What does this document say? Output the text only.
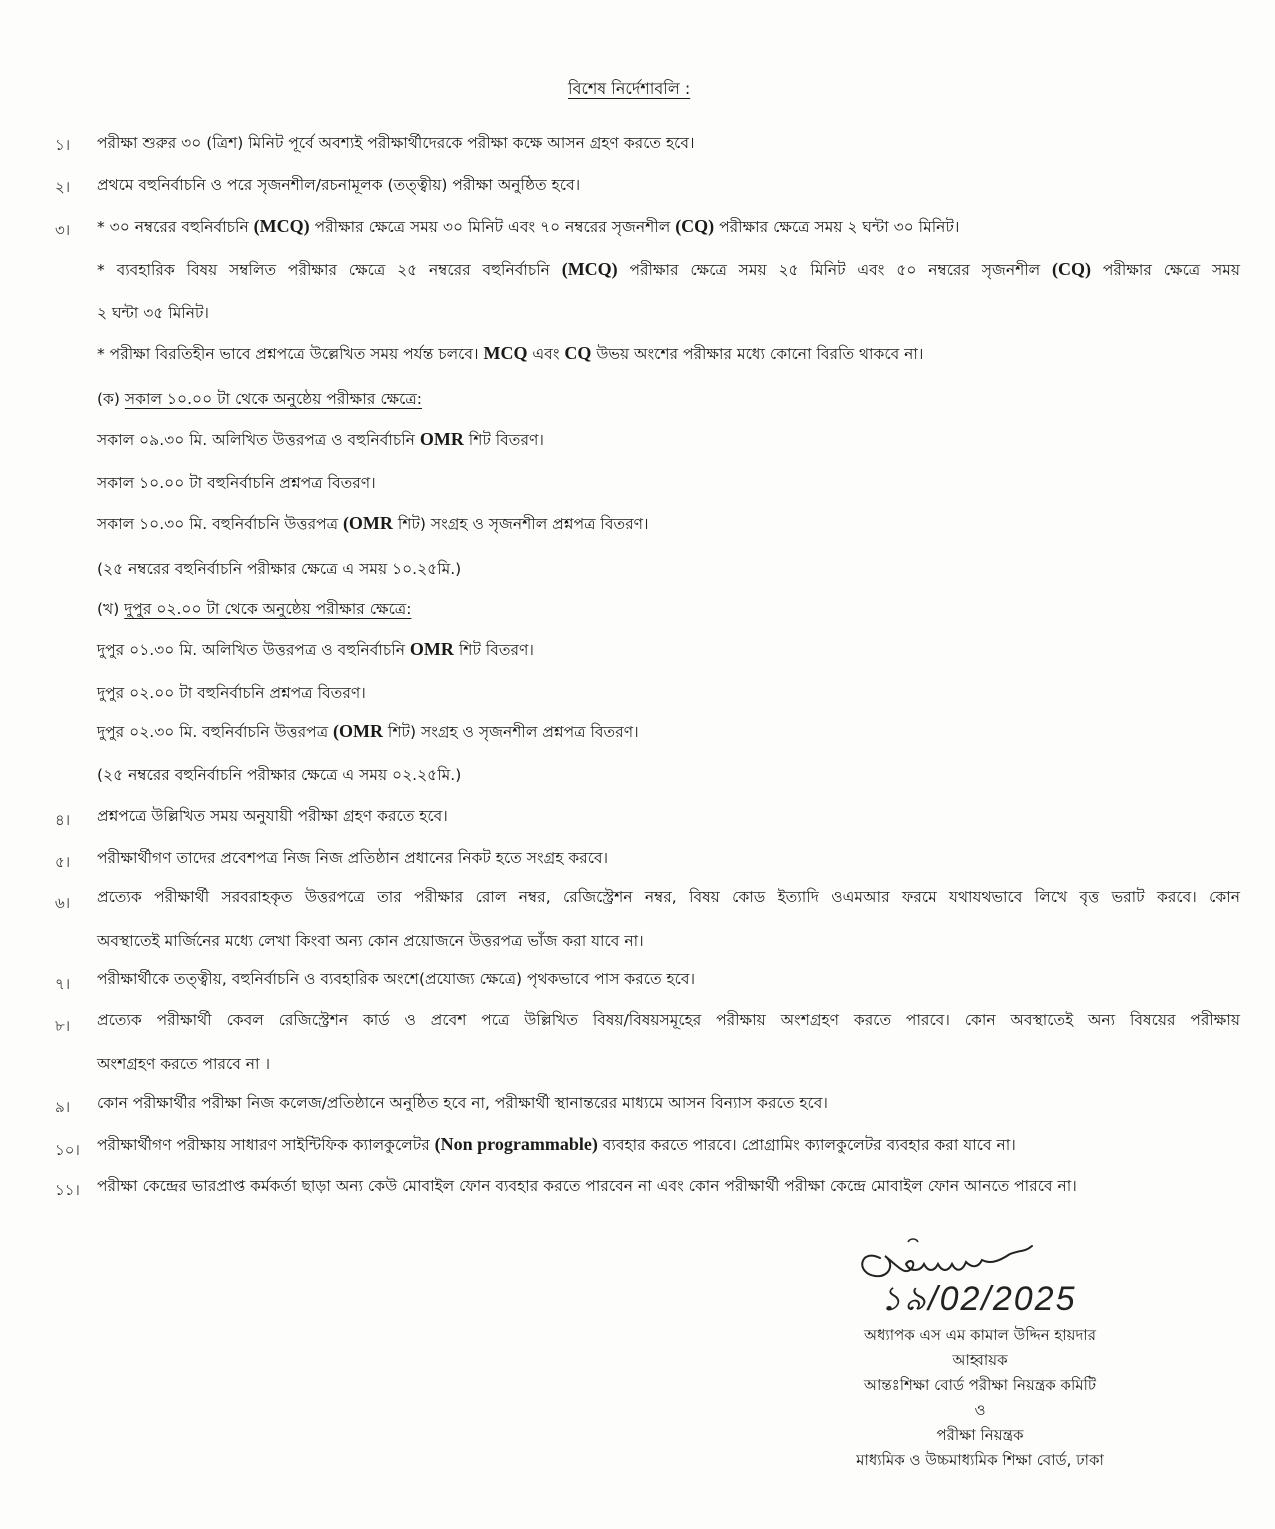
বিশেষ নির্দেশাবলি :
১। পরীক্ষা শুরুর ৩০ (ত্রিশ) মিনিট পূর্বে অবশ্যই পরীক্ষার্থীদেরকে পরীক্ষা কক্ষে আসন গ্রহণ করতে হবে।
২। প্রথমে বহুনির্বাচনি ও পরে সৃজনশীল/রচনামূলক (তত্ত্বীয়) পরীক্ষা অনুষ্ঠিত হবে।
৩। * ৩০ নম্বরের বহুনির্বাচনি (MCQ) পরীক্ষার ক্ষেত্রে সময় ৩০ মিনিট এবং ৭০ নম্বরের সৃজনশীল (CQ) পরীক্ষার ক্ষেত্রে সময় ২ ঘন্টা ৩০ মিনিট।
* ব্যবহারিক বিষয় সম্বলিত পরীক্ষার ক্ষেত্রে ২৫ নম্বরের বহুনির্বাচনি (MCQ) পরীক্ষার ক্ষেত্রে সময় ২৫ মিনিট এবং ৫০ নম্বরের সৃজনশীল (CQ) পরীক্ষার ক্ষেত্রে সময়
২ ঘন্টা ৩৫ মিনিট।
* পরীক্ষা বিরতিহীন ভাবে প্রশ্নপত্রে উল্লেখিত সময় পর্যন্ত চলবে। MCQ এবং CQ উভয় অংশের পরীক্ষার মধ্যে কোনো বিরতি থাকবে না।
(ক) সকাল ১০.০০ টা থেকে অনুষ্ঠেয় পরীক্ষার ক্ষেত্রে:
সকাল ০৯.৩০ মি. অলিখিত উত্তরপত্র ও বহুনির্বাচনি OMR শিট বিতরণ।
সকাল ১০.০০ টা বহুনির্বাচনি প্রশ্নপত্র বিতরণ।
সকাল ১০.৩০ মি. বহুনির্বাচনি উত্তরপত্র (OMR শিট) সংগ্রহ ও সৃজনশীল প্রশ্নপত্র বিতরণ।
(২৫ নম্বরের বহুনির্বাচনি পরীক্ষার ক্ষেত্রে এ সময় ১০.২৫মি.)
(খ) দুপুর ০২.০০ টা থেকে অনুষ্ঠেয় পরীক্ষার ক্ষেত্রে:
দুপুর ০১.৩০ মি. অলিখিত উত্তরপত্র ও বহুনির্বাচনি OMR শিট বিতরণ।
দুপুর ০২.০০ টা বহুনির্বাচনি প্রশ্নপত্র বিতরণ।
দুপুর ০২.৩০ মি. বহুনির্বাচনি উত্তরপত্র (OMR শিট) সংগ্রহ ও সৃজনশীল প্রশ্নপত্র বিতরণ।
(২৫ নম্বরের বহুনির্বাচনি পরীক্ষার ক্ষেত্রে এ সময় ০২.২৫মি.)
৪। প্রশ্নপত্রে উল্লিখিত সময় অনুযায়ী পরীক্ষা গ্রহণ করতে হবে।
৫। পরীক্ষার্থীগণ তাদের প্রবেশপত্র নিজ নিজ প্রতিষ্ঠান প্রধানের নিকট হতে সংগ্রহ করবে।
৬। প্রত্যেক পরীক্ষার্থী সরবরাহকৃত উত্তরপত্রে তার পরীক্ষার রোল নম্বর, রেজিস্ট্রেশন নম্বর, বিষয় কোড ইত্যাদি ওএমআর ফরমে যথাযথভাবে লিখে বৃত্ত ভরাট করবে। কোন
অবস্থাতেই মার্জিনের মধ্যে লেখা কিংবা অন্য কোন প্রয়োজনে উত্তরপত্র ভাঁজ করা যাবে না।
৭। পরীক্ষার্থীকে তত্ত্বীয়, বহুনির্বাচনি ও ব্যবহারিক অংশে(প্রযোজ্য ক্ষেত্রে) পৃথকভাবে পাস করতে হবে।
৮। প্রত্যেক পরীক্ষার্থী কেবল রেজিস্ট্রেশন কার্ড ও প্রবেশ পত্রে উল্লিখিত বিষয়/বিষয়সমূহের পরীক্ষায় অংশগ্রহণ করতে পারবে। কোন অবস্থাতেই অন্য বিষয়ের পরীক্ষায়
অংশগ্রহণ করতে পারবে না ।
৯। কোন পরীক্ষার্থীর পরীক্ষা নিজ কলেজ/প্রতিষ্ঠানে অনুষ্ঠিত হবে না, পরীক্ষার্থী স্থানান্তরের মাধ্যমে আসন বিন্যাস করতে হবে।
১০। পরীক্ষার্থীগণ পরীক্ষায় সাধারণ সাইন্টিফিক ক্যালকুলেটর (Non programmable) ব্যবহার করতে পারবে। প্রোগ্রামিং ক্যালকুলেটর ব্যবহার করা যাবে না।
১১। পরীক্ষা কেন্দ্রের ভারপ্রাপ্ত কর্মকর্তা ছাড়া অন্য কেউ মোবাইল ফোন ব্যবহার করতে পারবেন না এবং কোন পরীক্ষার্থী পরীক্ষা কেন্দ্রে মোবাইল ফোন আনতে পারবে না।
১৯/02/2025
অধ্যাপক এস এম কামাল উদ্দিন হায়দার
আহ্বায়ক
আন্তঃশিক্ষা বোর্ড পরীক্ষা নিয়ন্ত্রক কমিটি
ও
পরীক্ষা নিয়ন্ত্রক
মাধ্যমিক ও উচ্চমাধ্যমিক শিক্ষা বোর্ড, ঢাকা
